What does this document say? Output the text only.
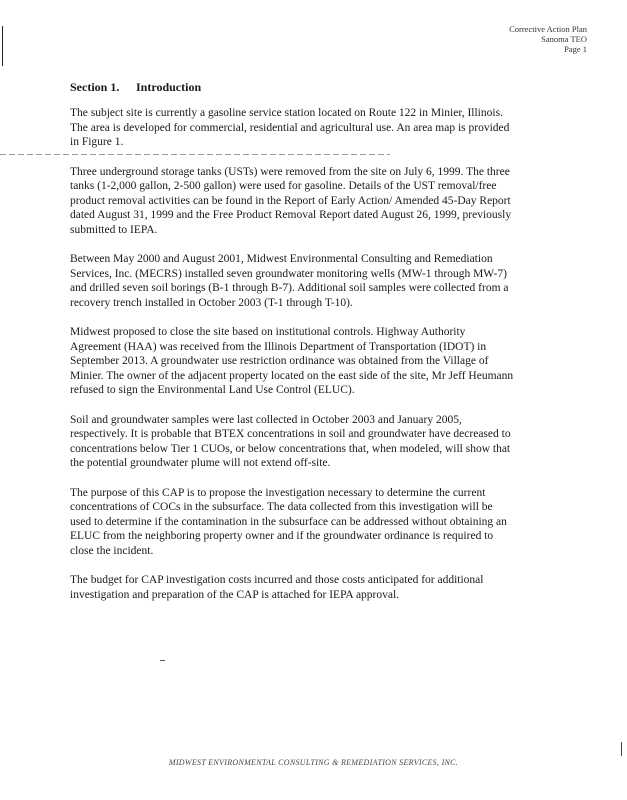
Corrective Action Plan
Sanoma TEO
Page 1
Section 1. Introduction

The subject site is currently a gasoline service station located on Route 122 in Minier, Illinois.
The area is developed for commercial, residential and agricultural use. An area map is provided
in Figure 1.

Three underground storage tanks (USTs) were removed from the site on July 6, 1999. The three
tanks (1-2,000 gallon, 2-500 gallon) were used for gasoline. Details of the UST removal/free
product removal activities can be found in the Report of Early Action/ Amended 45-Day Report
dated August 31, 1999 and the Free Product Removal Report dated August 26, 1999, previously
submitted to IEPA.

Between May 2000 and August 2001, Midwest Environmental Consulting and Remediation
Services, Inc. (MECRS) installed seven groundwater monitoring wells (MW-1 through MW-7)
and drilled seven soil borings (B-1 through B-7). Additional soil samples were collected from a
recovery trench installed in October 2003 (T-1 through T-10).

Midwest proposed to close the site based on institutional controls. Highway Authority
Agreement (HAA) was received from the Illinois Department of Transportation (IDOT) in
September 2013. A groundwater use restriction ordinance was obtained from the Village of
Minier. The owner of the adjacent property located on the east side of the site, Mr Jeff Heumann
refused to sign the Environmental Land Use Control (ELUC).

Soil and groundwater samples were last collected in October 2003 and January 2005,
respectively. It is probable that BTEX concentrations in soil and groundwater have decreased to
concentrations below Tier 1 CUOs, or below concentrations that, when modeled, will show that
the potential groundwater plume will not extend off-site.

The purpose of this CAP is to propose the investigation necessary to determine the current
concentrations of COCs in the subsurface. The data collected from this investigation will be
used to determine if the contamination in the subsurface can be addressed without obtaining an
ELUC from the neighboring property owner and if the groundwater ordinance is required to
close the incident.

The budget for CAP investigation costs incurred and those costs anticipated for additional
investigation and preparation of the CAP is attached for IEPA approval.

MIDWEST ENVIRONMENTAL CONSULTING & REMEDIATION SERVICES, INC.
